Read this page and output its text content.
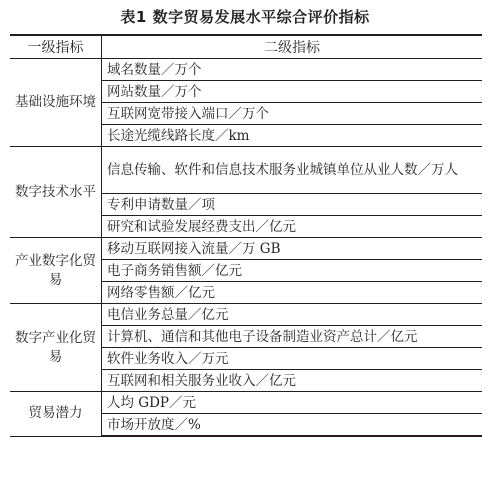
表1 数字贸易发展水平综合评价指标
一级指标	二级指标
基础设施环境	域名数量／万个
	网站数量／万个
	互联网宽带接入端口／万个
	长途光缆线路长度／km
数字技术水平	信息传输、软件和信息技术服务业城镇单位从业人数／万人
	专利申请数量／项
	研究和试验发展经费支出／亿元
产业数字化贸易	移动互联网接入流量／万 GB
	电子商务销售额／亿元
	网络零售额／亿元
数字产业化贸易	电信业务总量／亿元
	计算机、通信和其他电子设备制造业资产总计／亿元
	软件业务收入／万元
	互联网和相关服务业收入／亿元
贸易潜力	人均 GDP／元
	市场开放度／%
